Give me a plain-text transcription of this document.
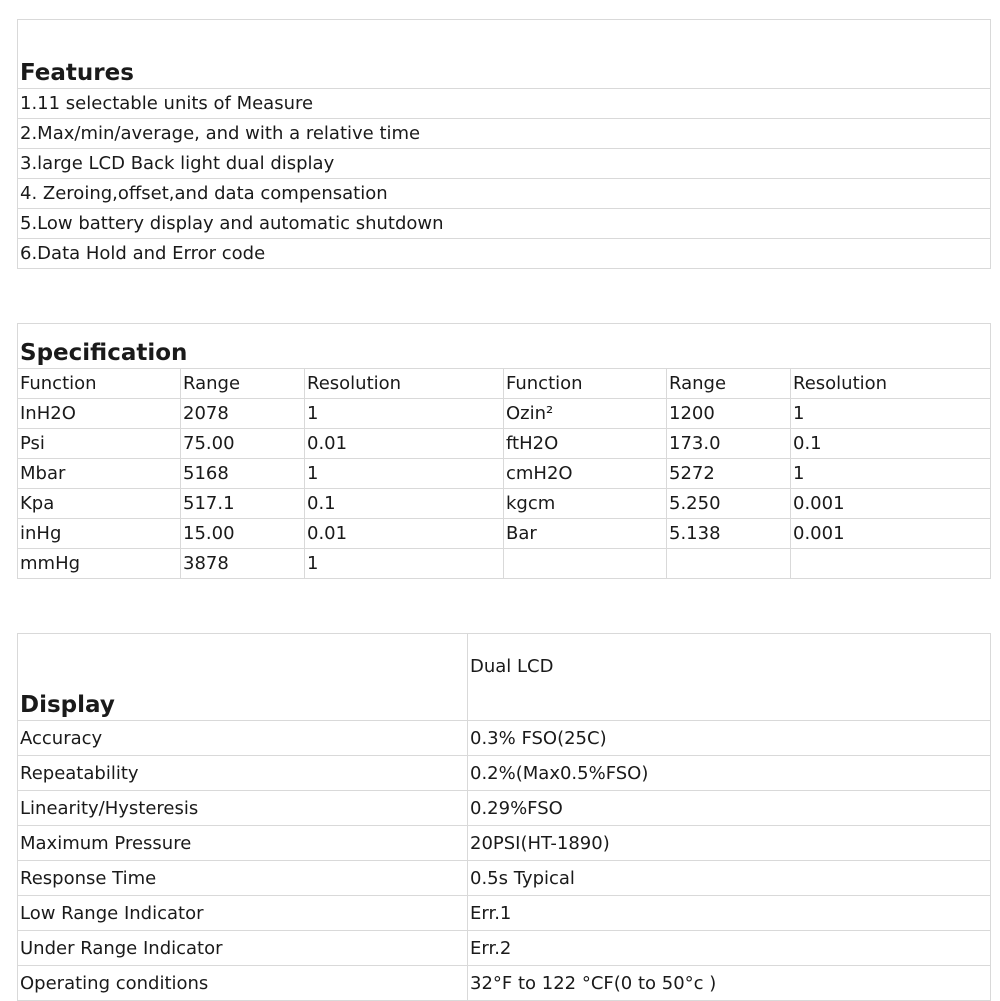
Features
1.11 selectable units of Measure
2.Max/min/average, and with a relative time
3.large LCD Back light dual display
4. Zeroing,offset,and data compensation
5.Low battery display and automatic shutdown
6.Data Hold and Error code
Specification					
Function	Range	Resolution	Function	Range	Resolution
InH2O	2078	1	Ozin²	1200	1
Psi	75.00	0.01	ftH2O	173.0	0.1
Mbar	5168	1	cmH2O	5272	1
Kpa	517.1	0.1	kgcm	5.250	0.001
inHg	15.00	0.01	Bar	5.138	0.001
mmHg	3878	1			
Display	Dual LCD
Accuracy	0.3% FSO(25C)
Repeatability	0.2%(Max0.5%FSO)
Linearity/Hysteresis	0.29%FSO
Maximum Pressure	20PSI(HT-1890)
Response Time	0.5s Typical
Low Range Indicator	Err.1
Under Range Indicator	Err.2
Operating conditions	32°F to 122 °CF(0 to 50°c )
